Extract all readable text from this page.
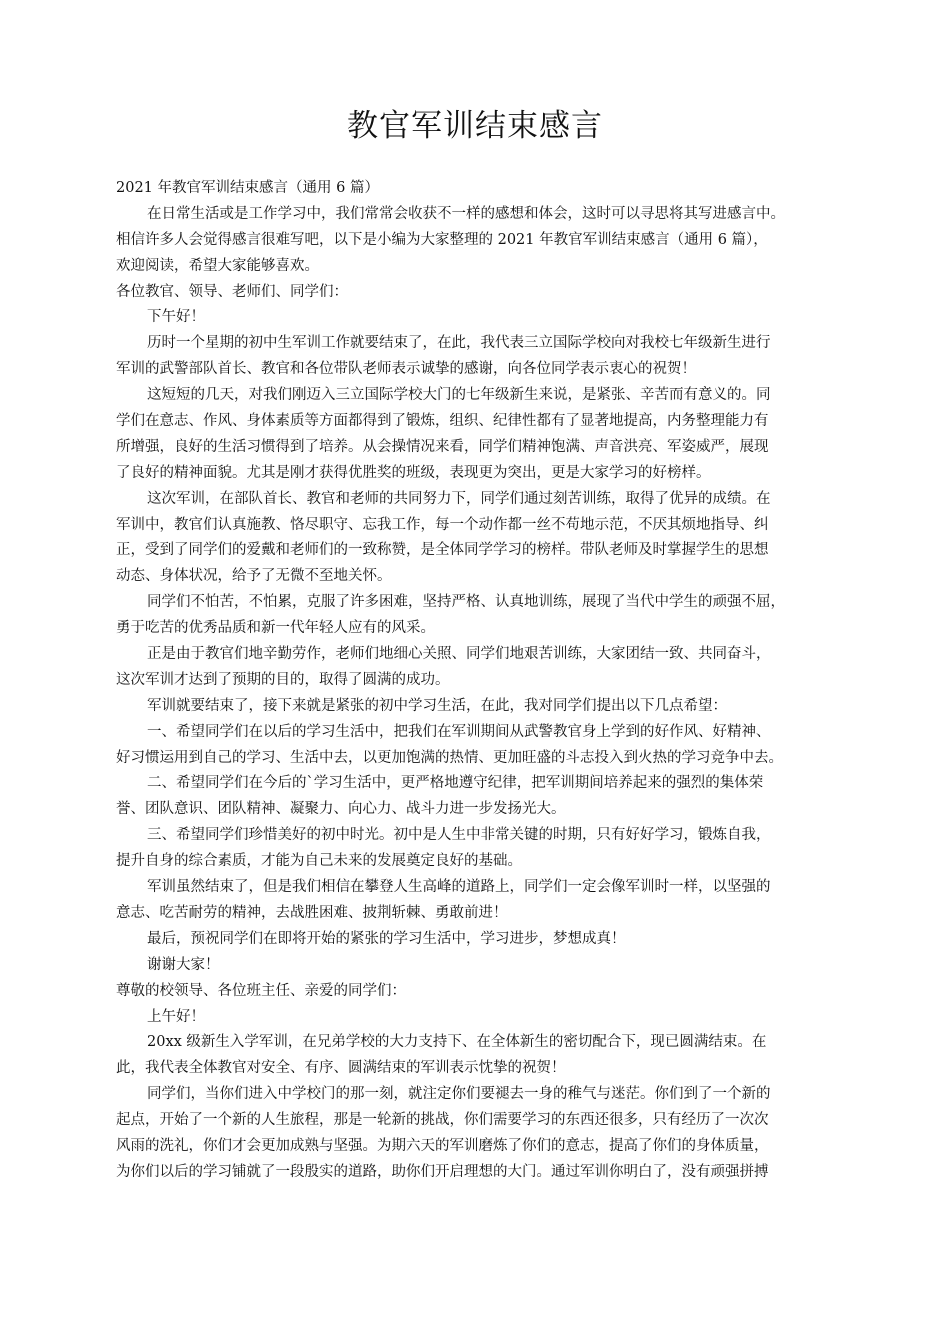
教官军训结束感言
2021 年教官军训结束感言（通用 6 篇）
在日常生活或是工作学习中，我们常常会收获不一样的感想和体会，这时可以寻思将其写进感言中。
相信许多人会觉得感言很难写吧，以下是小编为大家整理的 2021 年教官军训结束感言（通用 6 篇），
欢迎阅读，希望大家能够喜欢。
各位教官、领导、老师们、同学们：
下午好！
历时一个星期的初中生军训工作就要结束了，在此，我代表三立国际学校向对我校七年级新生进行
军训的武警部队首长、教官和各位带队老师表示诚挚的感谢，向各位同学表示衷心的祝贺！
这短短的几天，对我们刚迈入三立国际学校大门的七年级新生来说，是紧张、辛苦而有意义的。同
学们在意志、作风、身体素质等方面都得到了锻炼，组织、纪律性都有了显著地提高，内务整理能力有
所增强，良好的生活习惯得到了培养。从会操情况来看，同学们精神饱满、声音洪亮、军姿威严，展现
了良好的精神面貌。尤其是刚才获得优胜奖的班级，表现更为突出，更是大家学习的好榜样。
这次军训，在部队首长、教官和老师的共同努力下，同学们通过刻苦训练，取得了优异的成绩。在
军训中，教官们认真施教、恪尽职守、忘我工作，每一个动作都一丝不苟地示范，不厌其烦地指导、纠
正，受到了同学们的爱戴和老师们的一致称赞，是全体同学学习的榜样。带队老师及时掌握学生的思想
动态、身体状况，给予了无微不至地关怀。
同学们不怕苦，不怕累，克服了许多困难，坚持严格、认真地训练，展现了当代中学生的顽强不屈，
勇于吃苦的优秀品质和新一代年轻人应有的风采。
正是由于教官们地辛勤劳作，老师们地细心关照、同学们地艰苦训练，大家团结一致、共同奋斗，
这次军训才达到了预期的目的，取得了圆满的成功。
军训就要结束了，接下来就是紧张的初中学习生活，在此，我对同学们提出以下几点希望：
一、希望同学们在以后的学习生活中，把我们在军训期间从武警教官身上学到的好作风、好精神、
好习惯运用到自己的学习、生活中去，以更加饱满的热情、更加旺盛的斗志投入到火热的学习竞争中去。
二、希望同学们在今后的`学习生活中，更严格地遵守纪律，把军训期间培养起来的强烈的集体荣
誉、团队意识、团队精神、凝聚力、向心力、战斗力进一步发扬光大。
三、希望同学们珍惜美好的初中时光。初中是人生中非常关键的时期，只有好好学习，锻炼自我，
提升自身的综合素质，才能为自己未来的发展奠定良好的基础。
军训虽然结束了，但是我们相信在攀登人生高峰的道路上，同学们一定会像军训时一样，以坚强的
意志、吃苦耐劳的精神，去战胜困难、披荆斩棘、勇敢前进！
最后，预祝同学们在即将开始的紧张的学习生活中，学习进步，梦想成真！
谢谢大家！
尊敬的校领导、各位班主任、亲爱的同学们：
上午好！
20xx 级新生入学军训，在兄弟学校的大力支持下、在全体新生的密切配合下，现已圆满结束。在
此，我代表全体教官对安全、有序、圆满结束的军训表示忱挚的祝贺！
同学们，当你们进入中学校门的那一刻，就注定你们要褪去一身的稚气与迷茫。你们到了一个新的
起点，开始了一个新的人生旅程，那是一轮新的挑战，你们需要学习的东西还很多，只有经历了一次次
风雨的洗礼，你们才会更加成熟与坚强。为期六天的军训磨炼了你们的意志，提高了你们的身体质量，
为你们以后的学习铺就了一段殷实的道路，助你们开启理想的大门。通过军训你明白了，没有顽强拼搏
